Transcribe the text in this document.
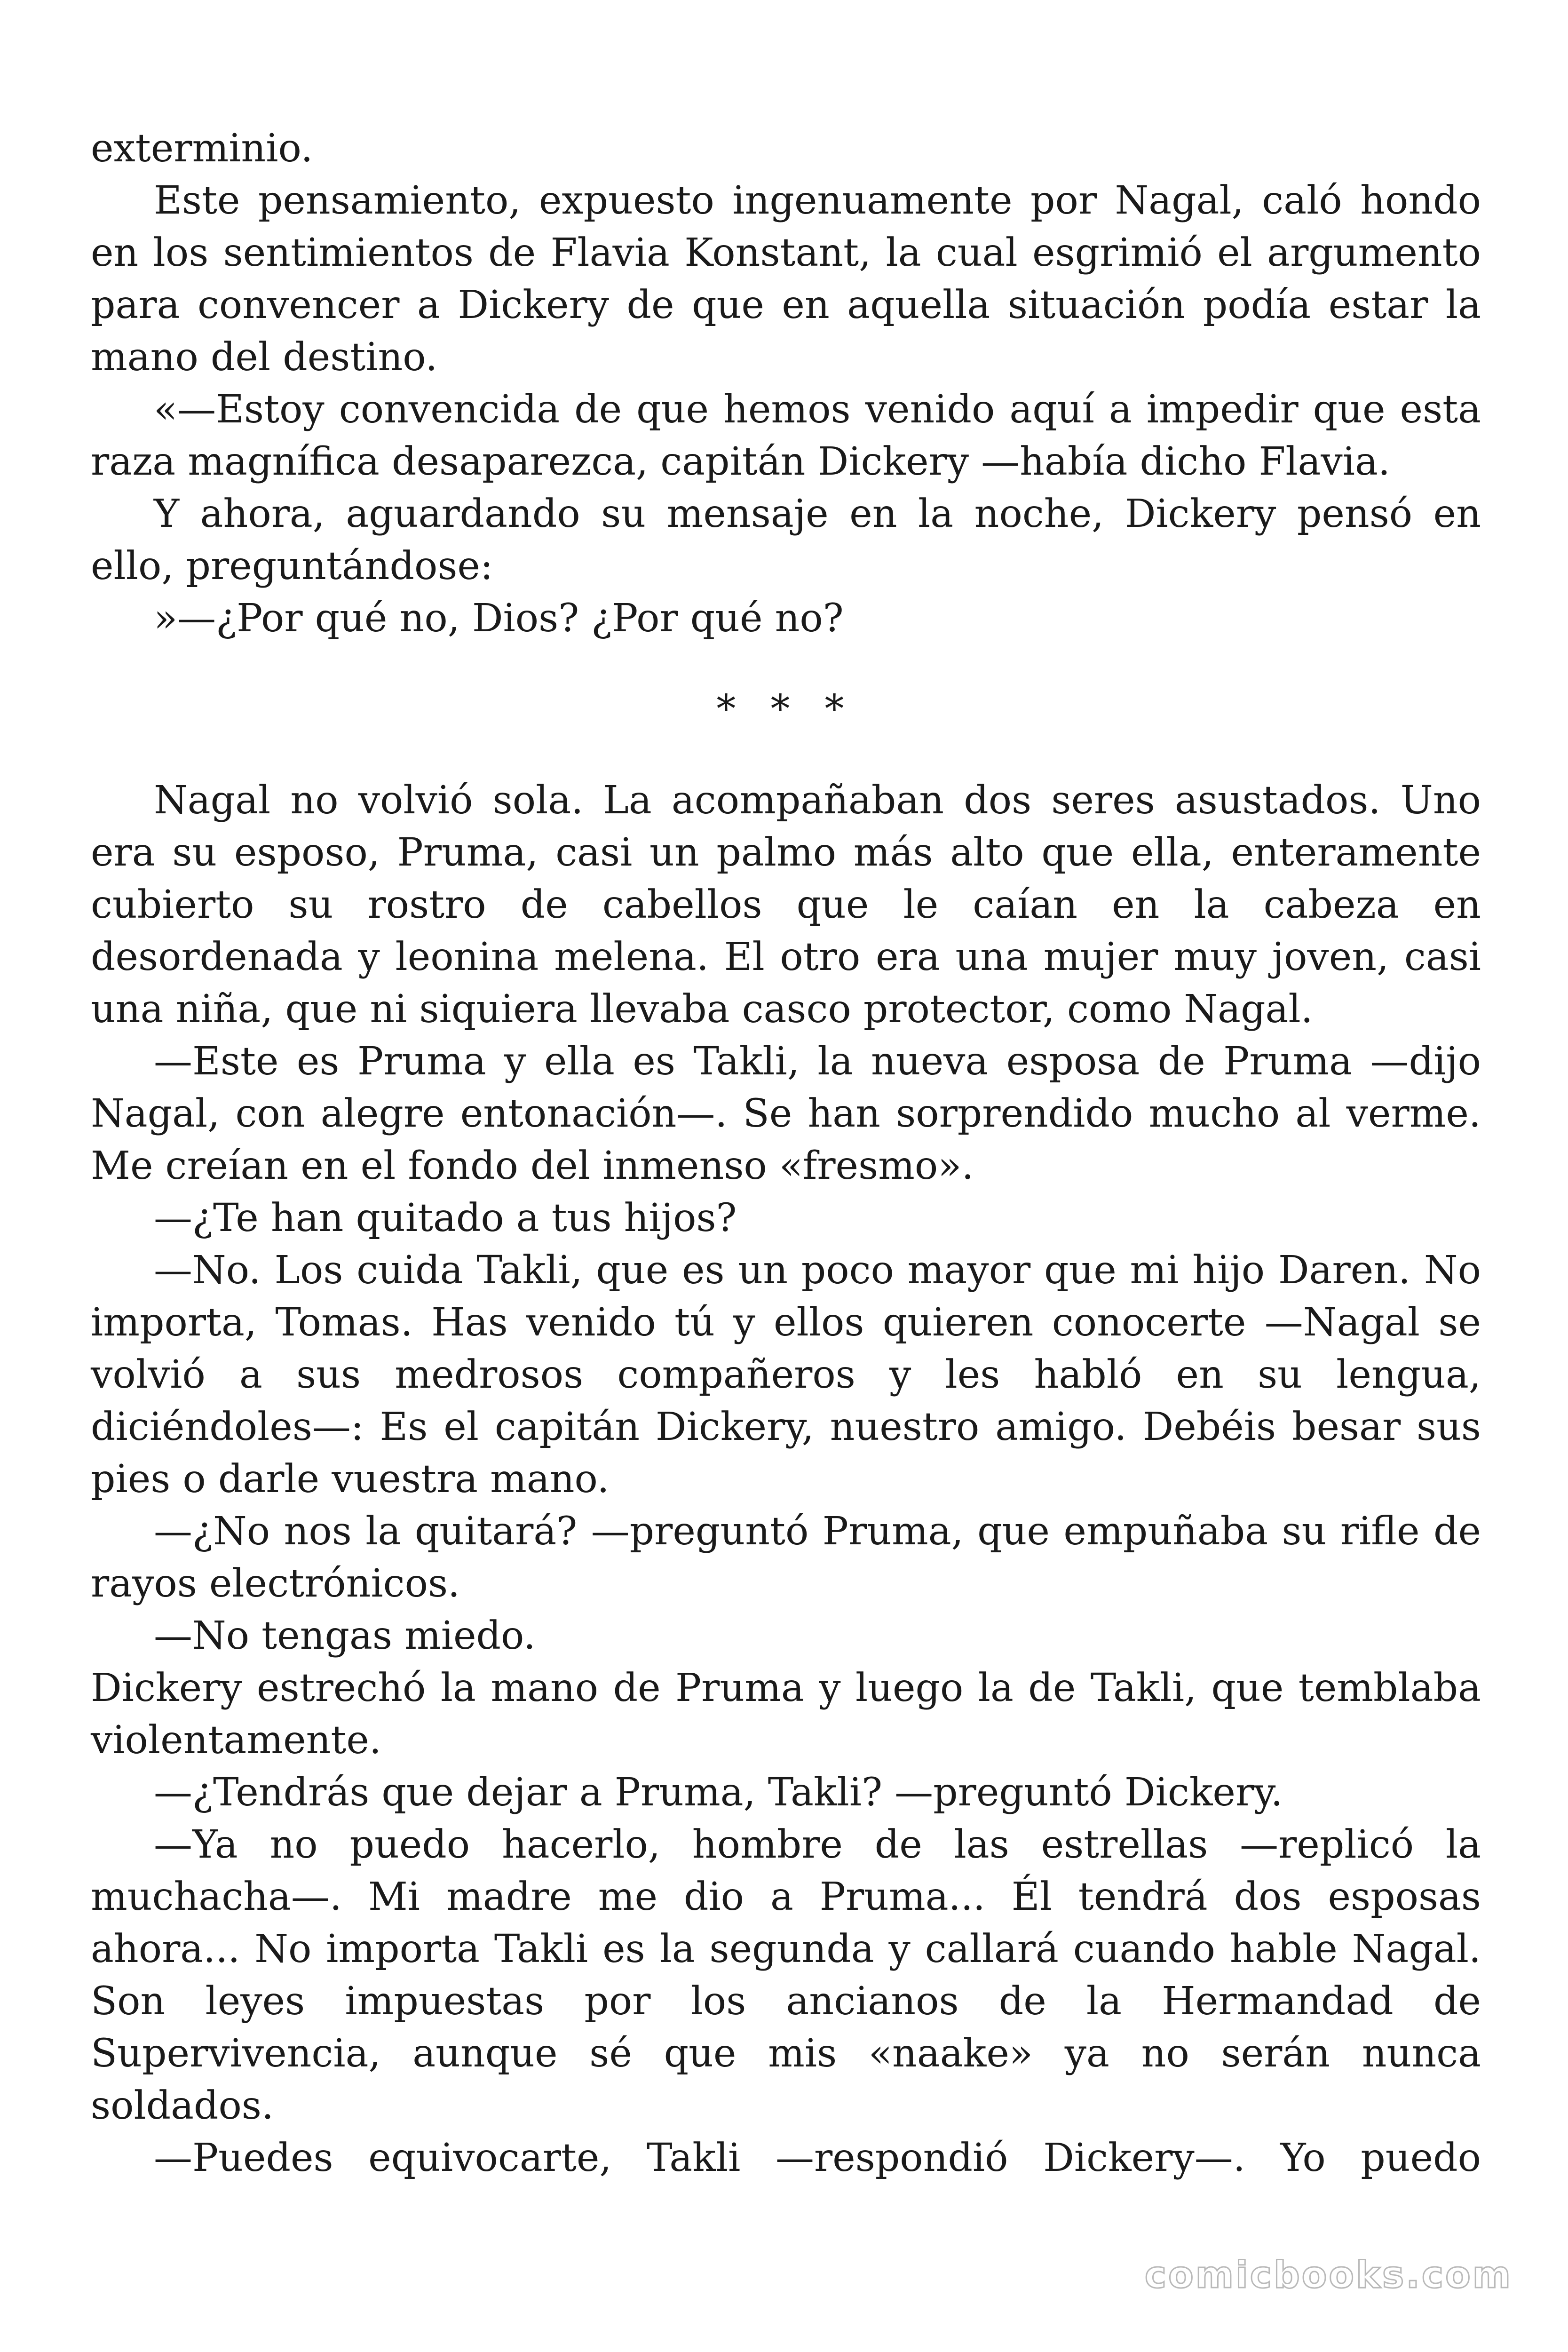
exterminio.

Este pensamiento, expuesto ingenuamente por Nagal, caló hondo en los sentimientos de Flavia Konstant, la cual esgrimió el argumento para convencer a Dickery de que en aquella situación podía estar la mano del destino.

«—Estoy convencida de que hemos venido aquí a impedir que esta raza magnífica desaparezca, capitán Dickery —había dicho Flavia.

Y ahora, aguardando su mensaje en la noche, Dickery pensó en ello, preguntándose:

»—¿Por qué no, Dios? ¿Por qué no?

* * *

Nagal no volvió sola. La acompañaban dos seres asustados. Uno era su esposo, Pruma, casi un palmo más alto que ella, enteramente cubierto su rostro de cabellos que le caían en la cabeza en desordenada y leonina melena. El otro era una mujer muy joven, casi una niña, que ni siquiera llevaba casco protector, como Nagal.

—Este es Pruma y ella es Takli, la nueva esposa de Pruma —dijo Nagal, con alegre entonación—. Se han sorprendido mucho al verme. Me creían en el fondo del inmenso «fresmo».

—¿Te han quitado a tus hijos?

—No. Los cuida Takli, que es un poco mayor que mi hijo Daren. No importa, Tomas. Has venido tú y ellos quieren conocerte —Nagal se volvió a sus medrosos compañeros y les habló en su lengua, diciéndoles—: Es el capitán Dickery, nuestro amigo. Debéis besar sus pies o darle vuestra mano.

—¿No nos la quitará? —preguntó Pruma, que empuñaba su rifle de rayos electrónicos.

—No tengas miedo.

Dickery estrechó la mano de Pruma y luego la de Takli, que temblaba violentamente.

—¿Tendrás que dejar a Pruma, Takli? —preguntó Dickery.

—Ya no puedo hacerlo, hombre de las estrellas —replicó la muchacha—. Mi madre me dio a Pruma... Él tendrá dos esposas ahora... No importa Takli es la segunda y callará cuando hable Nagal. Son leyes impuestas por los ancianos de la Hermandad de Supervivencia, aunque sé que mis «naake» ya no serán nunca soldados.

—Puedes equivocarte, Takli —respondió Dickery—. Yo puedo

comicbooks.com
